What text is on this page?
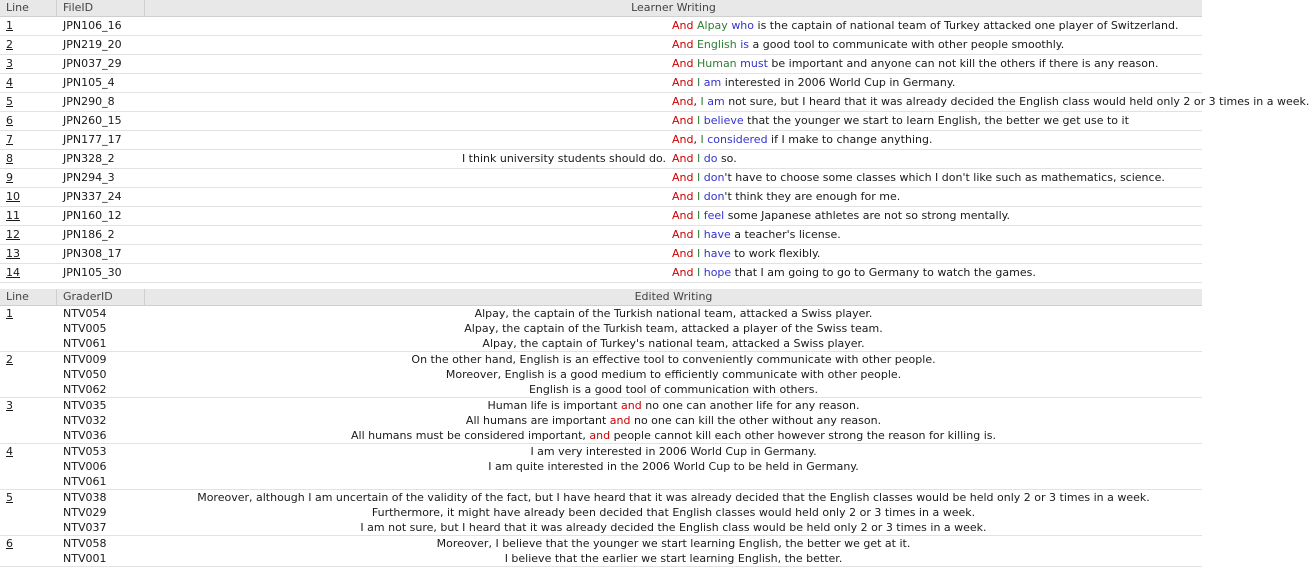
Line	FileID	Learner Writing
1	JPN106_16	And Alpay who is the captain of national team of Turkey attacked one player of Switzerland.
2	JPN219_20	And English is a good tool to communicate with other people smoothly.
3	JPN037_29	And Human must be important and anyone can not kill the others if there is any reason.
4	JPN105_4	And I am interested in 2006 World Cup in Germany.
5	JPN290_8	And, I am not sure, but I heard that it was already decided the English class would held only 2 or 3 times in a week.
6	JPN260_15	And I believe that the younger we start to learn English, the better we get use to it
7	JPN177_17	And, I considered if I make to change anything.
8	JPN328_2	I think university students should do. And I do so.
9	JPN294_3	And I don't have to choose some classes which I don't like such as mathematics, science.
10	JPN337_24	And I don't think they are enough for me.
11	JPN160_12	And I feel some Japanese athletes are not so strong mentally.
12	JPN186_2	And I have a teacher's license.
13	JPN308_17	And I have to work flexibly.
14	JPN105_30	And I hope that I am going to go to Germany to watch the games.
Line	GraderID	Edited Writing
1	NTV054	Alpay, the captain of the Turkish national team, attacked a Swiss player.
NTV005	Alpay, the captain of the Turkish team, attacked a player of the Swiss team.
NTV061	Alpay, the captain of Turkey's national team, attacked a Swiss player.
2	NTV009	On the other hand, English is an effective tool to conveniently communicate with other people.
NTV050	Moreover, English is a good medium to efficiently communicate with other people.
NTV062	English is a good tool of communication with others.
3	NTV035	Human life is important and no one can another life for any reason.
NTV032	All humans are important and no one can kill the other without any reason.
NTV036	All humans must be considered important, and people cannot kill each other however strong the reason for killing is.
4	NTV053	I am very interested in 2006 World Cup in Germany.
NTV006	I am quite interested in the 2006 World Cup to be held in Germany.
NTV061
5	NTV038	Moreover, although I am uncertain of the validity of the fact, but I have heard that it was already decided that the English classes would be held only 2 or 3 times in a week.
NTV029	Furthermore, it might have already been decided that English classes would held only 2 or 3 times in a week.
NTV037	I am not sure, but I heard that it was already decided the English class would be held only 2 or 3 times in a week.
6	NTV058	Moreover, I believe that the younger we start learning English, the better we get at it.
NTV001	I believe that the earlier we start learning English, the better.
